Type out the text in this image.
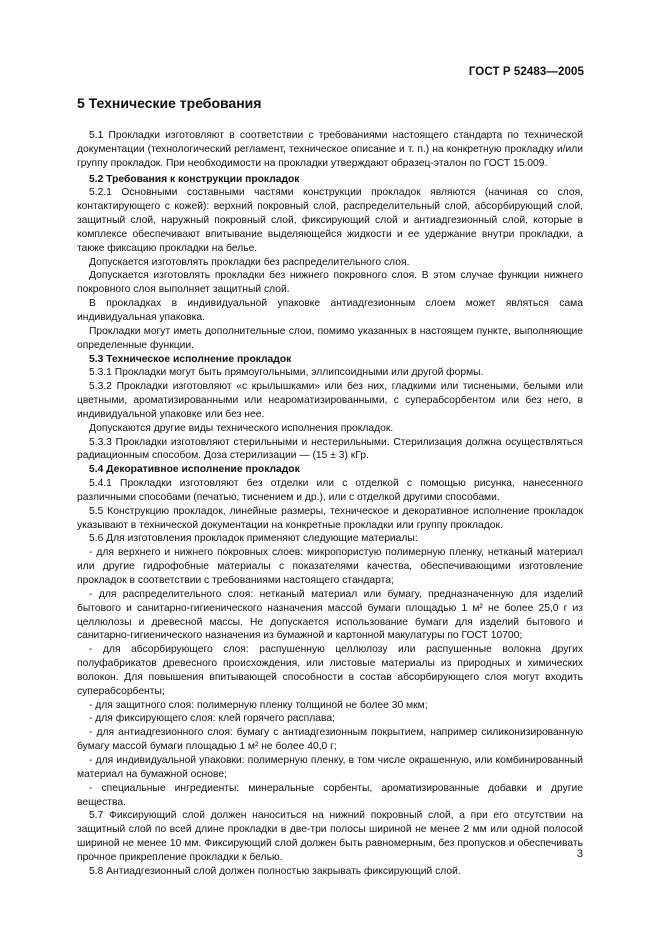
ГОСТ Р 52483—2005
5 Технические требования

5.1 Прокладки изготовляют в соответствии с требованиями настоящего стандарта по технической документации (технологический регламент, техническое описание и т. п.) на конкретную прокладку и/или группу прокладок. При необходимости на прокладки утверждают образец-эталон по ГОСТ 15.009.

5.2 Требования к конструкции прокладок

5.2.1 Основными составными частями конструкции прокладок являются (начиная со слоя, контактирующего с кожей): верхний покровный слой, распределительный слой, абсорбирующий слой, защитный слой, наружный покровный слой, фиксирующий слой и антиадгезионный слой, которые в комплексе обеспечивают впитывание выделяющейся жидкости и ее удержание внутри прокладки, а также фиксацию прокладки на белье.

Допускается изготовлять прокладки без распределительного слоя.

Допускается изготовлять прокладки без нижнего покровного слоя. В этом случае функции нижнего покровного слоя выполняет защитный слой.

В прокладках в индивидуальной упаковке антиадгезионным слоем может являться сама индивидуальная упаковка.

Прокладки могут иметь дополнительные слои, помимо указанных в настоящем пункте, выполняющие определенные функции.

5.3 Техническое исполнение прокладок

5.3.1 Прокладки могут быть прямоугольными, эллипсоидными или другой формы.

5.3.2 Прокладки изготовляют «с крылышками» или без них, гладкими или тиснеными, белыми или цветными, ароматизированными или неароматизированными, с суперабсорбентом или без него, в индивидуальной упаковке или без нее.

Допускаются другие виды технического исполнения прокладок.

5.3.3 Прокладки изготовляют стерильными и нестерильными. Стерилизация должна осуществляться радиационным способом. Доза стерилизации — (15 ± 3) кГр.

5.4 Декоративное исполнение прокладок

5.4.1 Прокладки изготовляют без отделки или с отделкой с помощью рисунка, нанесенного различными способами (печатью, тиснением и др.), или с отделкой другими способами.

5.5 Конструкцию прокладок, линейные размеры, техническое и декоративное исполнение прокладок указывают в технической документации на конкретные прокладки или группу прокладок.

5.6 Для изготовления прокладок применяют следующие материалы:

- для верхнего и нижнего покровных слоев: микропористую полимерную пленку, нетканый материал или другие гидрофобные материалы с показателями качества, обеспечивающими изготовление прокладок в соответствии с требованиями настоящего стандарта;

- для распределительного слоя: нетканый материал или бумагу, предназначенную для изделий бытового и санитарно-гигиенического назначения массой бумаги площадью 1 м² не более 25,0 г из целлюлозы и древесной массы. Не допускается использование бумаги для изделий бытового и санитарно-гигиенического назначения из бумажной и картонной макулатуры по ГОСТ 10700;

- для абсорбирующего слоя: распушенную целлюлозу или распушенные волокна других полуфабрикатов древесного происхождения, или листовые материалы из природных и химических волокон. Для повышения впитывающей способности в состав абсорбирующего слоя могут входить суперабсорбенты;

- для защитного слоя: полимерную пленку толщиной не более 30 мкм;

- для фиксирующего слоя: клей горячего расплава;

- для антиадгезионного слоя: бумагу с антиадгезионным покрытием, например силиконизированную бумагу массой бумаги площадью 1 м² не более 40,0 г;

- для индивидуальной упаковки: полимерную пленку, в том числе окрашенную, или комбинированный материал на бумажной основе;

- специальные ингредиенты: минеральные сорбенты, ароматизированные добавки и другие вещества.

5.7 Фиксирующий слой должен наноситься на нижний покровный слой, а при его отсутствии на защитный слой по всей длине прокладки в две-три полосы шириной не менее 2 мм или одной полосой шириной не менее 10 мм. Фиксирующий слой должен быть равномерным, без пропусков и обеспечивать прочное прикрепление прокладки к белью.

5.8 Антиадгезионный слой должен полностью закрывать фиксирующий слой.

3
